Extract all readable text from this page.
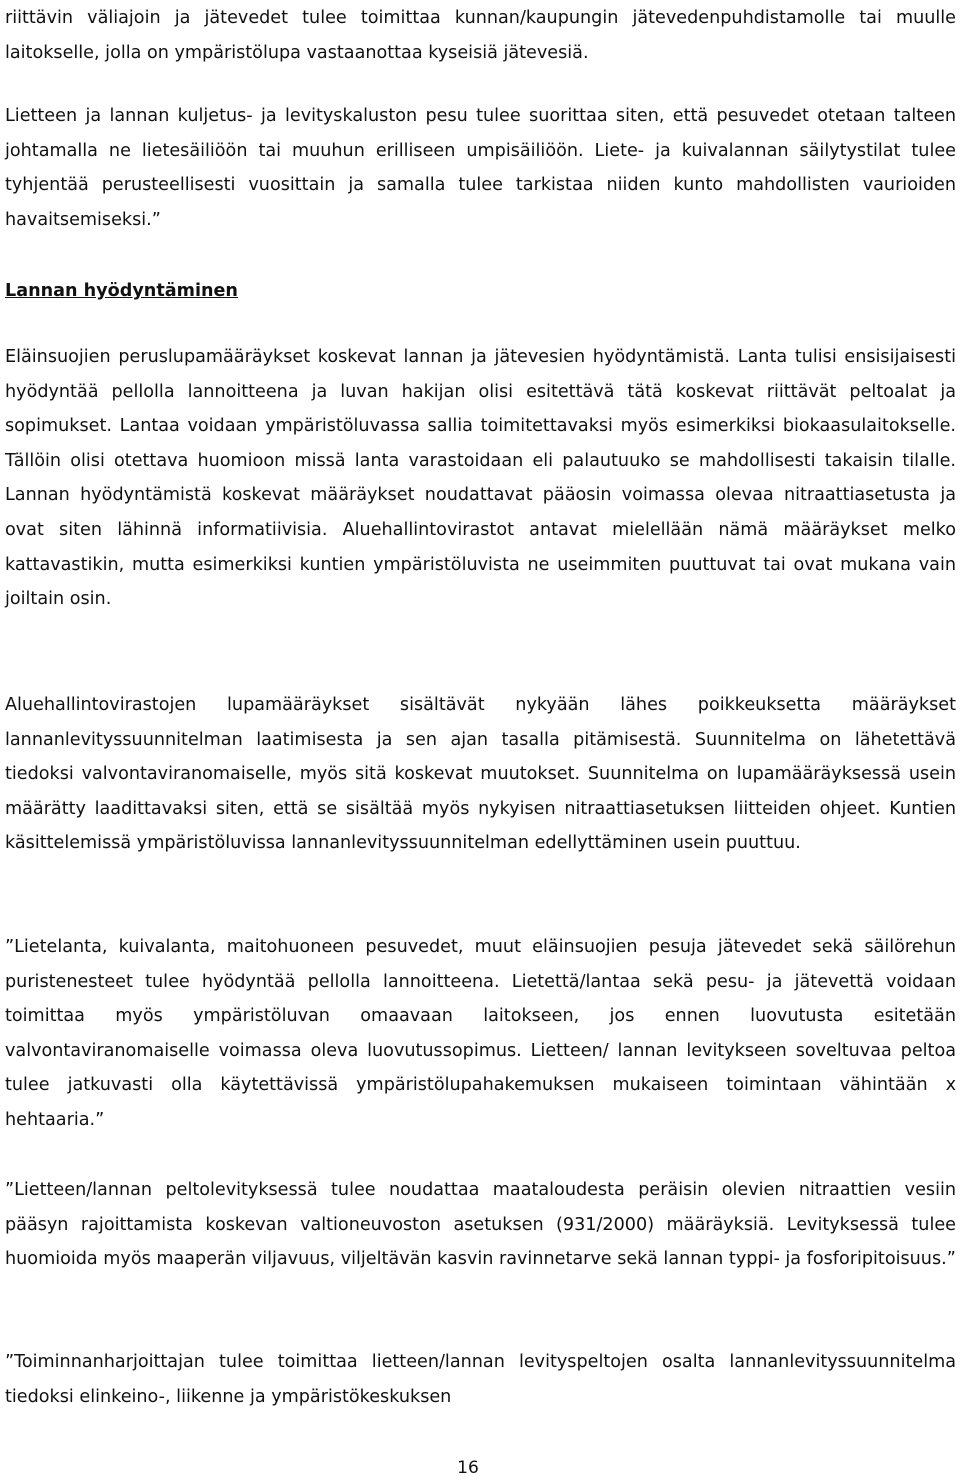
riittävin väliajoin ja jätevedet tulee toimittaa kunnan/kaupungin jätevedenpuhdistamolle tai muulle laitokselle, jolla on ympäristölupa vastaanottaa kyseisiä jätevesiä.

Lietteen ja lannan kuljetus- ja levityskaluston pesu tulee suorittaa siten, että pesuvedet otetaan talteen johtamalla ne lietesäiliöön tai muuhun erilliseen umpisäiliöön. Liete- ja kuivalannan säilytystilat tulee tyhjentää perusteellisesti vuosittain ja samalla tulee tarkistaa niiden kunto mahdollisten vaurioiden havaitsemiseksi.”

Lannan hyödyntäminen

Eläinsuojien peruslupamääräykset koskevat lannan ja jätevesien hyödyntämistä. Lanta tulisi ensisijaisesti hyödyntää pellolla lannoitteena ja luvan hakijan olisi esitettävä tätä koskevat riittävät peltoalat ja sopimukset. Lantaa voidaan ympäristöluvassa sallia toimitettavaksi myös esimerkiksi biokaasulaitokselle. Tällöin olisi otettava huomioon missä lanta varastoidaan eli palautuuko se mahdollisesti takaisin tilalle. Lannan hyödyntämistä koskevat määräykset noudattavat pääosin voimassa olevaa nitraattiasetusta ja ovat siten lähinnä informatiivisia. Aluehallintovirastot antavat mielellään nämä määräykset melko kattavastikin, mutta esimerkiksi kuntien ympäristöluvista ne useimmiten puuttuvat tai ovat mukana vain joiltain osin.

Aluehallintovirastojen lupamääräykset sisältävät nykyään lähes poikkeuksetta määräykset lannanlevityssuunnitelman laatimisesta ja sen ajan tasalla pitämisestä. Suunnitelma on lähetettävä tiedoksi valvontaviranomaiselle, myös sitä koskevat muutokset. Suunnitelma on lupamääräyksessä usein määrätty laadittavaksi siten, että se sisältää myös nykyisen nitraattiasetuksen liitteiden ohjeet. Kuntien käsittelemissä ympäristöluvissa lannanlevityssuunnitelman edellyttäminen usein puuttuu.

”Lietelanta, kuivalanta, maitohuoneen pesuvedet, muut eläinsuojien pesuja jätevedet sekä säilörehun puristenesteet tulee hyödyntää pellolla lannoitteena. Lietettä/lantaa sekä pesu- ja jätevettä voidaan toimittaa myös ympäristöluvan omaavaan laitokseen, jos ennen luovutusta esitetään valvontaviranomaiselle voimassa oleva luovutussopimus. Lietteen/ lannan levitykseen soveltuvaa peltoa tulee jatkuvasti olla käytettävissä ympäristölupahakemuksen mukaiseen toimintaan vähintään x hehtaaria.”

”Lietteen/lannan peltolevityksessä tulee noudattaa maataloudesta peräisin olevien nitraattien vesiin pääsyn rajoittamista koskevan valtioneuvoston asetuksen (931/2000) määräyksiä. Levityksessä tulee huomioida myös maaperän viljavuus, viljeltävän kasvin ravinnetarve sekä lannan typpi- ja fosforipitoisuus.”

”Toiminnanharjoittajan tulee toimittaa lietteen/lannan levityspeltojen osalta lannanlevityssuunnitelma tiedoksi elinkeino-, liikenne ja ympäristökeskuksen

16
